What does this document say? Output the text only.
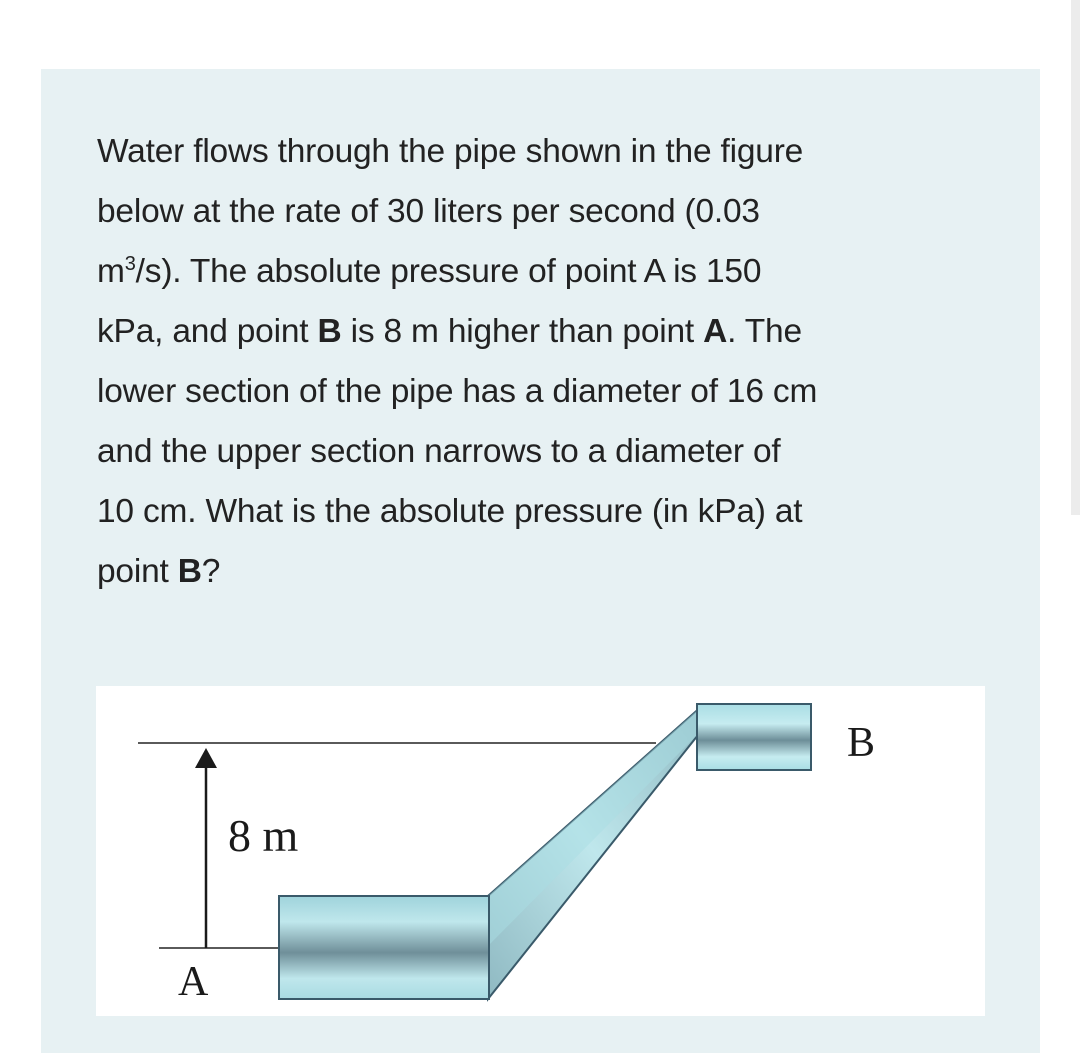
Water flows through the pipe shown in the figure
below at the rate of 30 liters per second (0.03
$m^3/s$). The absolute pressure of point A is 150
kPa, and point B is 8 m higher than point A. The
lower section of the pipe has a diameter of 16 cm
and the upper section narrows to a diameter of
10 cm. What is the absolute pressure (in kPa) at
point B?
8 m
A
B
